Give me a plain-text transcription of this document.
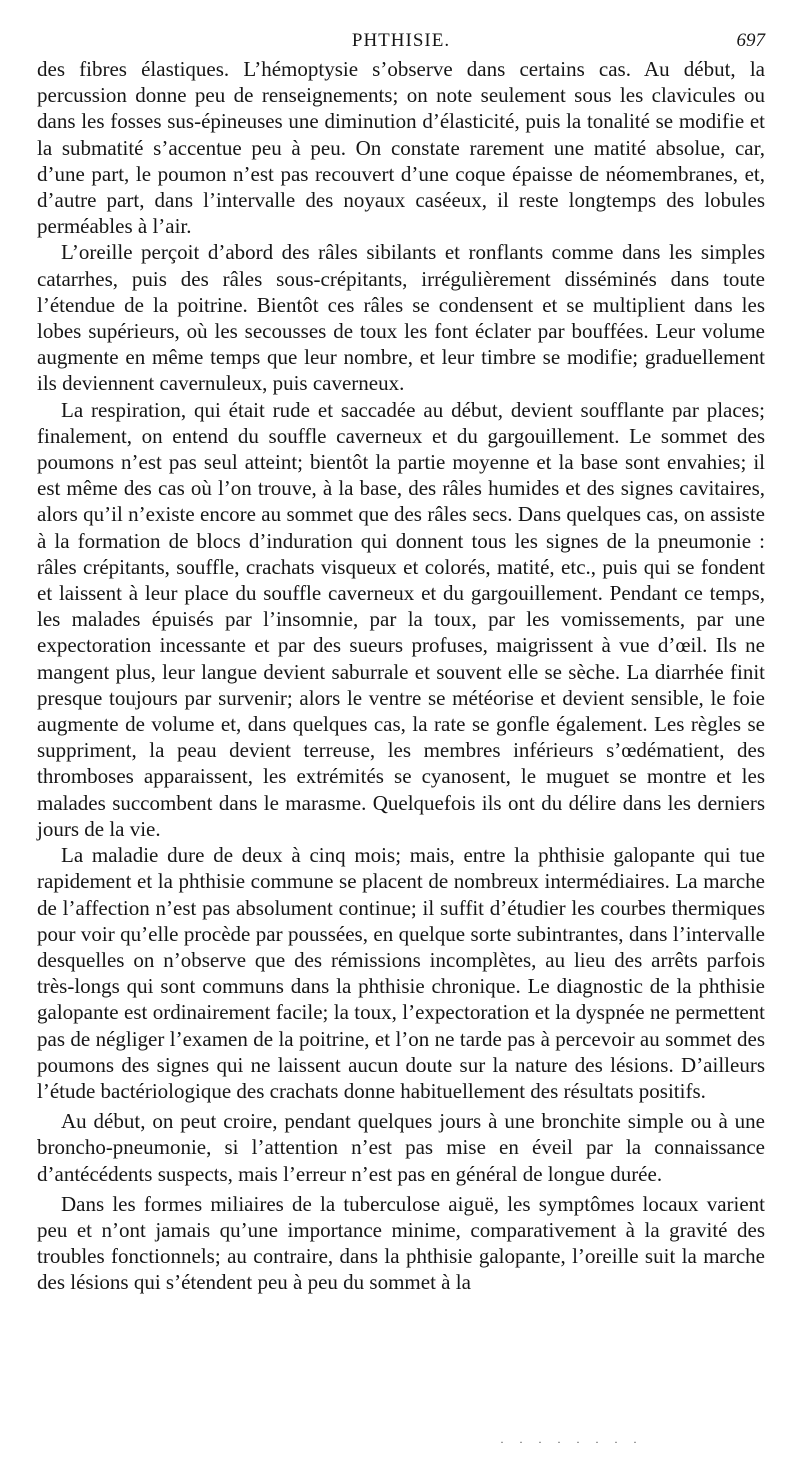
PHTHISIE.	697

des fibres élastiques. L’hémoptysie s’observe dans certains cas. Au début, la percussion donne peu de renseignements; on note seulement sous les clavicules ou dans les fosses sus-épineuses une diminution d’élasticité, puis la tonalité se modifie et la submatité s’accentue peu à peu. On constate rarement une matité absolue, car, d’une part, le poumon n’est pas recouvert d’une coque épaisse de néomembranes, et, d’autre part, dans l’intervalle des noyaux caséeux, il reste longtemps des lobules perméables à l’air.

L’oreille perçoit d’abord des râles sibilants et ronflants comme dans les simples catarrhes, puis des râles sous-crépitants, irrégulièrement disséminés dans toute l’étendue de la poitrine. Bientôt ces râles se condensent et se multiplient dans les lobes supérieurs, où les secousses de toux les font éclater par bouffées. Leur volume augmente en même temps que leur nombre, et leur timbre se modifie; graduellement ils deviennent cavernuleux, puis caverneux.

La respiration, qui était rude et saccadée au début, devient soufflante par places; finalement, on entend du souffle caverneux et du gargouillement. Le sommet des poumons n’est pas seul atteint; bientôt la partie moyenne et la base sont envahies; il est même des cas où l’on trouve, à la base, des râles humides et des signes cavitaires, alors qu’il n’existe encore au sommet que des râles secs. Dans quelques cas, on assiste à la formation de blocs d’induration qui donnent tous les signes de la pneumonie : râles crépitants, souffle, crachats visqueux et colorés, matité, etc., puis qui se fondent et laissent à leur place du souffle caverneux et du gargouillement. Pendant ce temps, les malades épuisés par l’insomnie, par la toux, par les vomissements, par une expectoration incessante et par des sueurs profuses, maigrissent à vue d’œil. Ils ne mangent plus, leur langue devient saburrale et souvent elle se sèche. La diarrhée finit presque toujours par survenir; alors le ventre se météorise et devient sensible, le foie augmente de volume et, dans quelques cas, la rate se gonfle également. Les règles se suppriment, la peau devient terreuse, les membres inférieurs s’œdématient, des thromboses apparaissent, les extrémités se cyanosent, le muguet se montre et les malades succombent dans le marasme. Quelquefois ils ont du délire dans les derniers jours de la vie.

La maladie dure de deux à cinq mois; mais, entre la phthisie galopante qui tue rapidement et la phthisie commune se placent de nombreux intermédiaires. La marche de l’affection n’est pas absolument continue; il suffit d’étudier les courbes thermiques pour voir qu’elle procède par poussées, en quelque sorte subintrantes, dans l’intervalle desquelles on n’observe que des rémissions incomplètes, au lieu des arrêts parfois très-longs qui sont communs dans la phthisie chronique. Le diagnostic de la phthisie galopante est ordinairement facile; la toux, l’expectoration et la dyspnée ne permettent pas de négliger l’examen de la poitrine, et l’on ne tarde pas à percevoir au sommet des poumons des signes qui ne laissent aucun doute sur la nature des lésions. D’ailleurs l’étude bactériologique des crachats donne habituellement des résultats positifs.

Au début, on peut croire, pendant quelques jours à une bronchite simple ou à une broncho-pneumonie, si l’attention n’est pas mise en éveil par la connaissance d’antécédents suspects, mais l’erreur n’est pas en général de longue durée.

Dans les formes miliaires de la tuberculose aiguë, les symptômes locaux varient peu et n’ont jamais qu’une importance minime, comparativement à la gravité des troubles fonctionnels; au contraire, dans la phthisie galopante, l’oreille suit la marche des lésions qui s’étendent peu à peu du sommet à la

· · · · · · · ·
